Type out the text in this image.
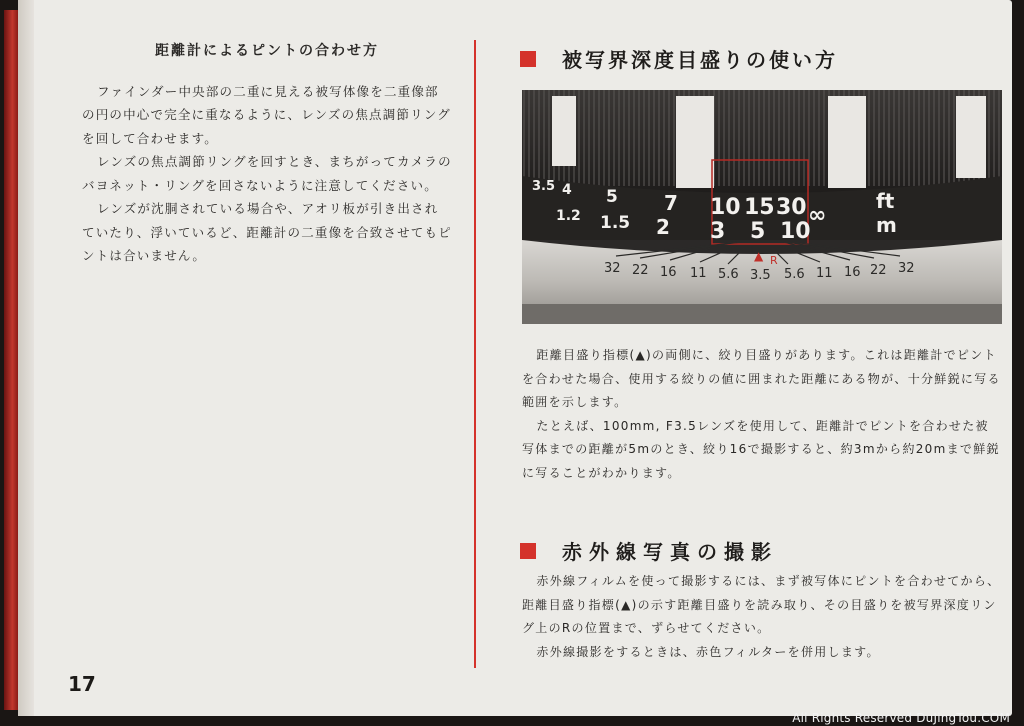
距離計によるピントの合わせ方

ファインダー中央部の二重に見える被写体像を二重像部の円の中心で完全に重なるように、レンズの焦点調節リングを回して合わせます。

レンズの焦点調節リングを回すとき、まちがってカメラのバヨネット・リングを回さないように注意してください。

レンズが沈胴されている場合や、アオリ板が引き出されていたり、浮いているど、距離計の二重像を合致させてもピントは合いません。

17
被写界深度目盛りの使い方
3.5 4 5 7 10 15 30 ∞
ft
1.2 1.5 2 3 5 10	m
▲ R
32 22 16 11 5.6 3.5 5.6 11 16 22 32

距離目盛り指標(▲)の両側に、絞り目盛りがあります。これは距離計でピントを合わせた場合、使用する絞りの値に囲まれた距離にある物が、十分鮮鋭に写る範囲を示します。

たとえば、100mm, F3.5レンズを使用して、距離計でピントを合わせた被写体までの距離が5mのとき、絞り16で撮影すると、約3mから約20mまで鮮鋭に写ることがわかります。

赤外線写真の撮影

赤外線フィルムを使って撮影するには、まず被写体にピントを合わせてから、距離目盛り指標(▲)の示す距離目盛りを読み取り、その目盛りを被写界深度リング上のRの位置まで、ずらせてください。

赤外線撮影をするときは、赤色フィルターを併用します。

All Rights Reserved DuJingTou.COM
